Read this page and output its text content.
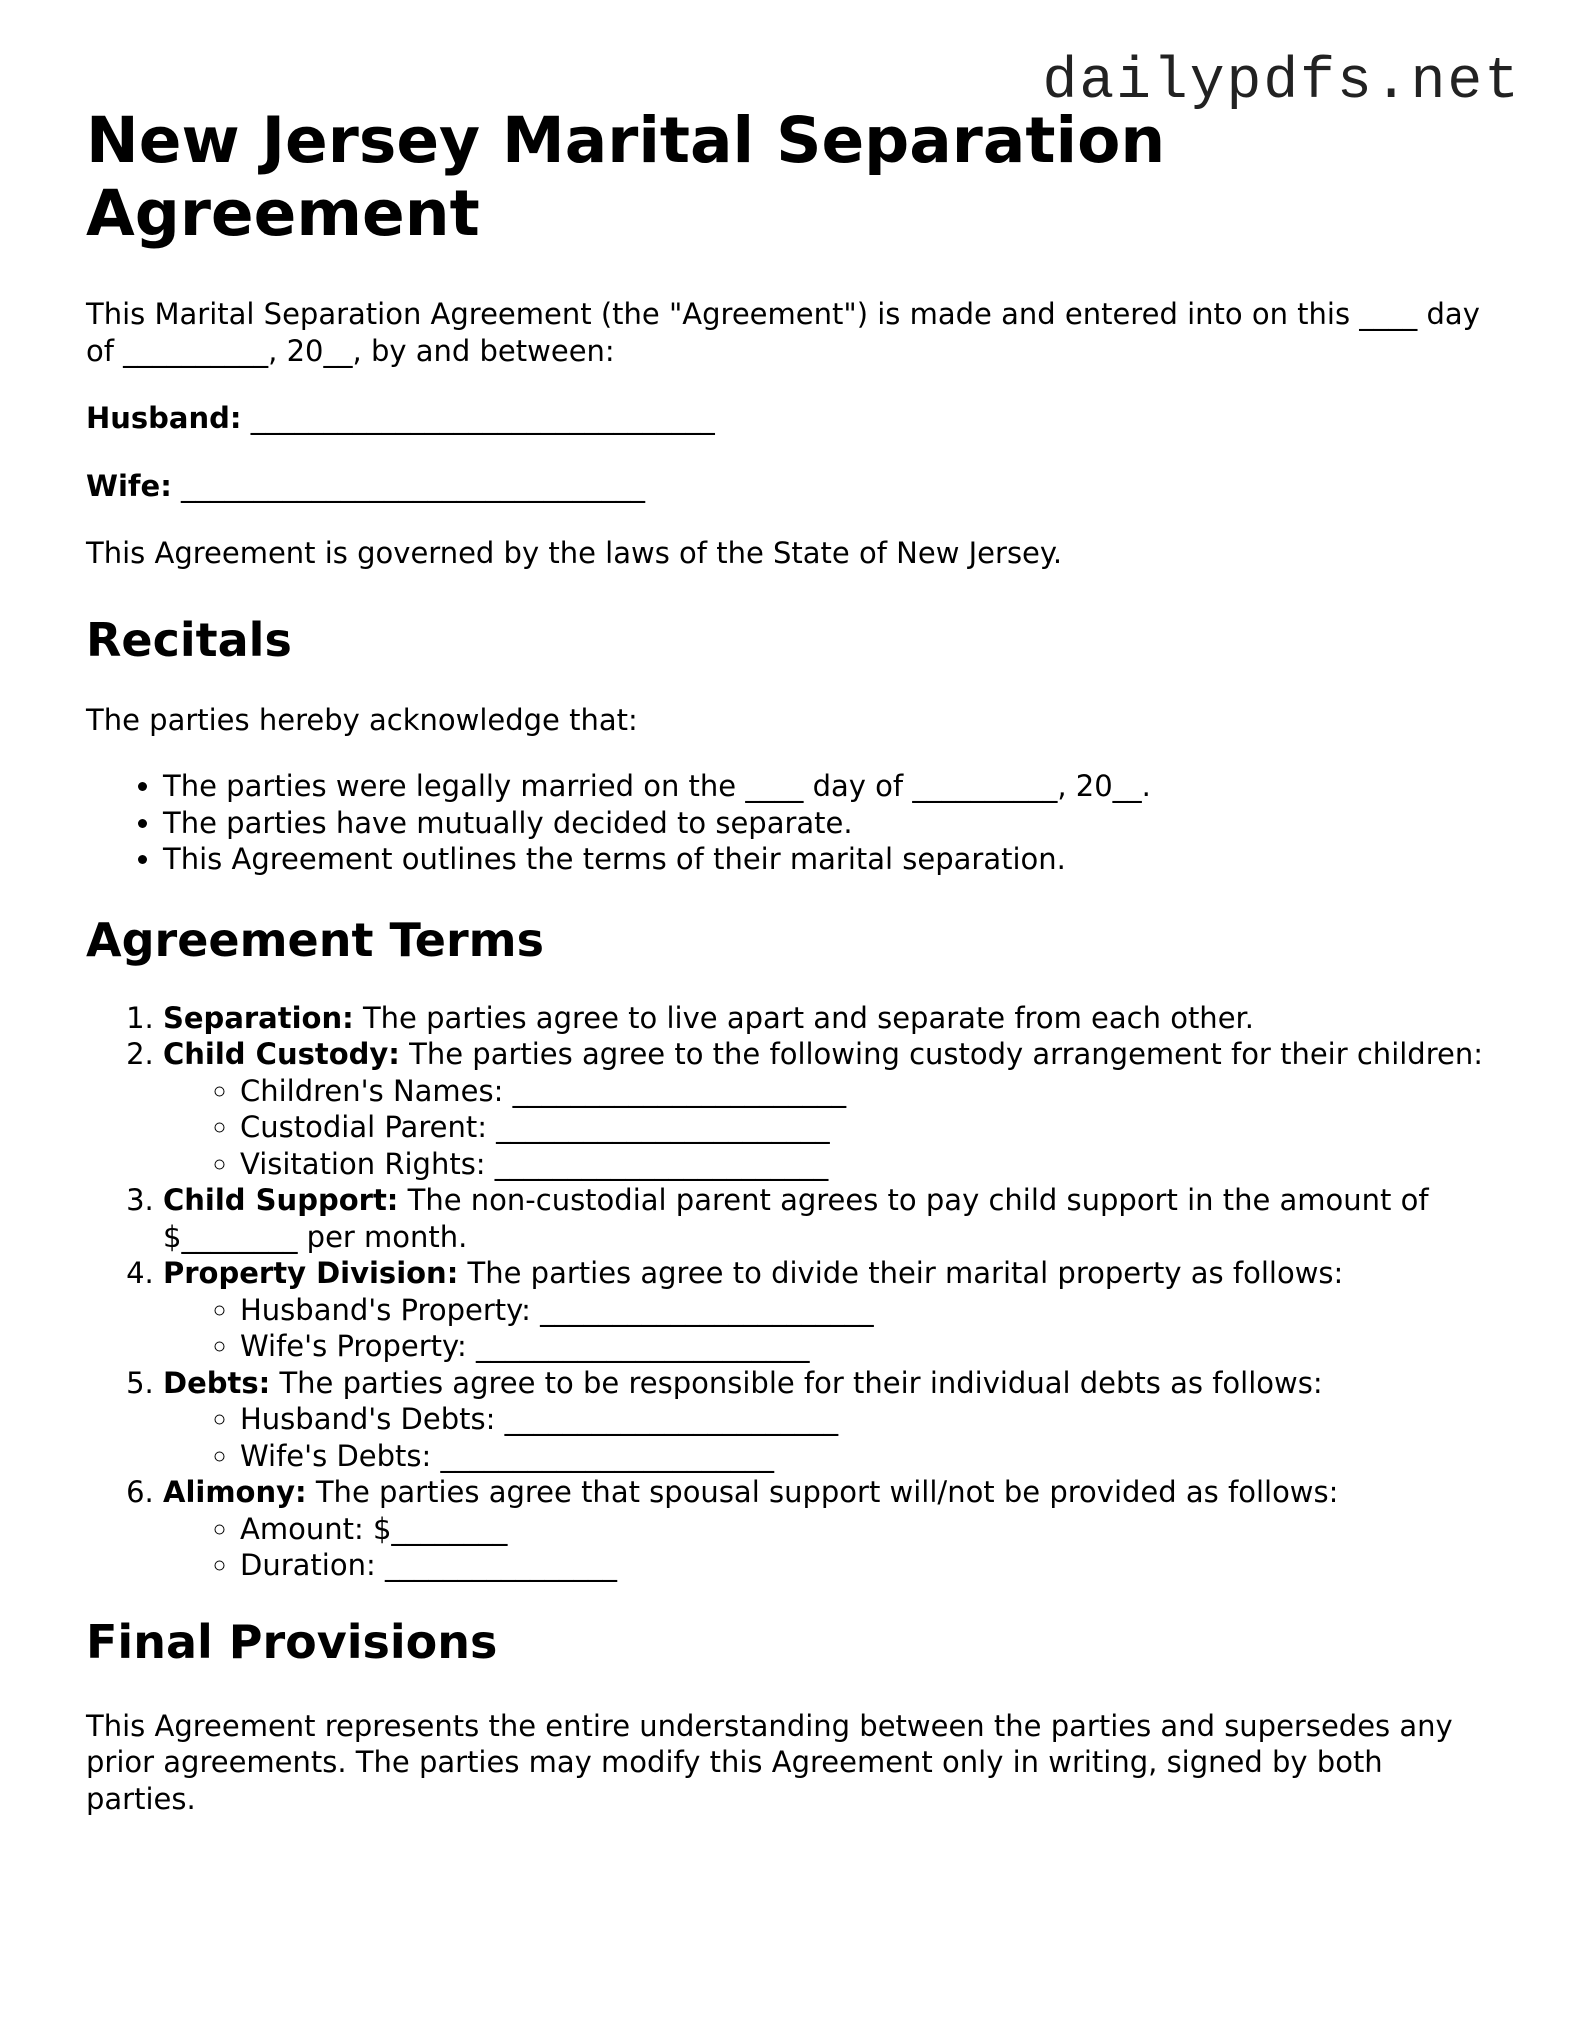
dailypdfs.net
New Jersey Marital Separation Agreement

This Marital Separation Agreement (the "Agreement") is made and entered into on this ____ day of __________, 20__, by and between:

Husband: ________________________________

Wife: ________________________________

This Agreement is governed by the laws of the State of New Jersey.

Recitals

The parties hereby acknowledge that:

• The parties were legally married on the ____ day of __________, 20__.
• The parties have mutually decided to separate.
• This Agreement outlines the terms of their marital separation.
Agreement Terms
1. Separation: The parties agree to live apart and separate from each other.
2. Child Custody: The parties agree to the following custody arrangement for their children:
◦ Children's Names: _______________________
◦ Custodial Parent: _______________________
◦ Visitation Rights: _______________________
3. Child Support: The non-custodial parent agrees to pay child support in the amount of $________ per month.
4. Property Division: The parties agree to divide their marital property as follows:
◦ Husband's Property: _______________________
◦ Wife's Property: _______________________
5. Debts: The parties agree to be responsible for their individual debts as follows:
◦ Husband's Debts: _______________________
◦ Wife's Debts: _______________________
6. Alimony: The parties agree that spousal support will/not be provided as follows:
◦ Amount: $________
◦ Duration: ________________
Final Provisions

This Agreement represents the entire understanding between the parties and supersedes any prior agreements. The parties may modify this Agreement only in writing, signed by both parties.
